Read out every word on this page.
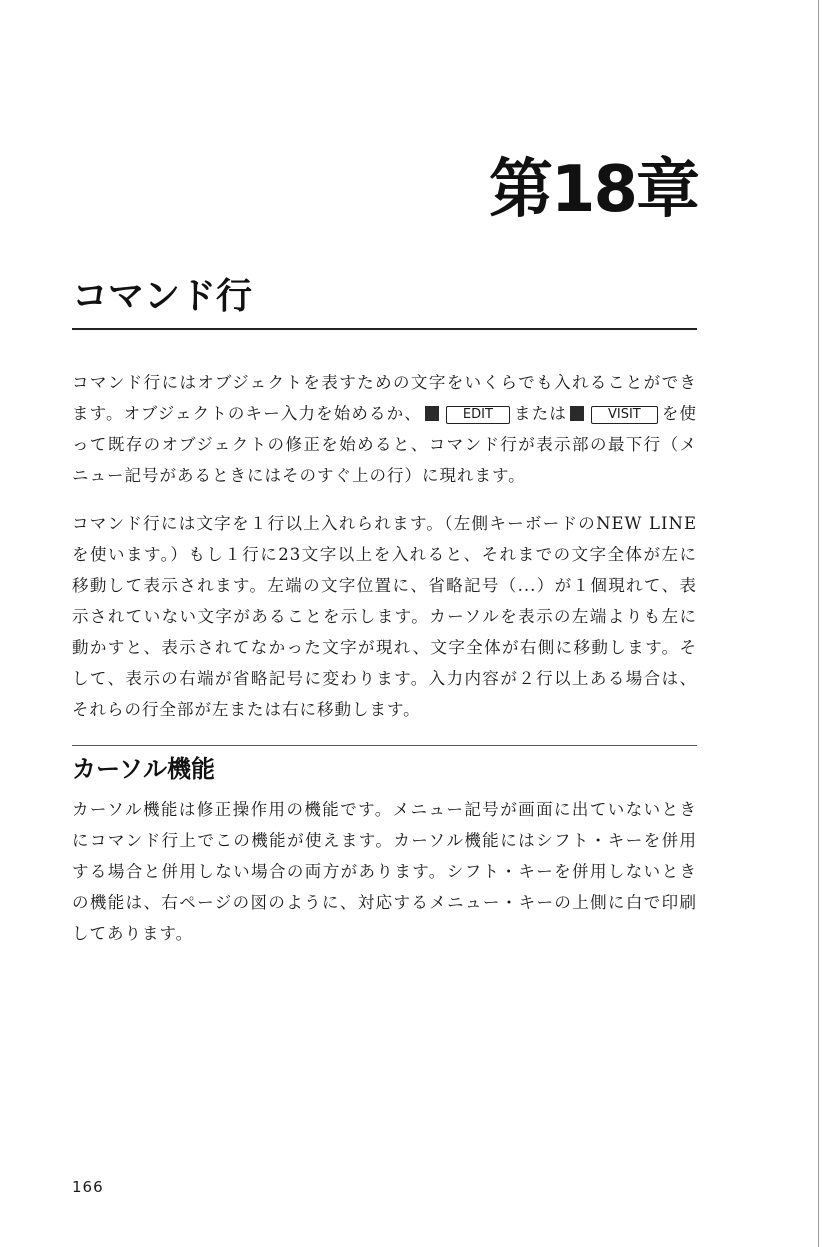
第18章
コマンド行

コマンド行にはオブジェクトを表すための文字をいくらでも入れることができます。オブジェクトのキー入力を始めるか、	EDIT または	VISIT を使って既存のオブジェクトの修正を始めると、コマンド行が表示部の最下行（メニュー記号があるときにはそのすぐ上の行）に現れます。

コマンド行には文字を１行以上入れられます。（左側キーボードのNEW LINEを使います。）もし１行に23文字以上を入れると、それまでの文字全体が左に移動して表示されます。左端の文字位置に、省略記号（...）が１個現れて、表示されていない文字があることを示します。カーソルを表示の左端よりも左に動かすと、表示されてなかった文字が現れ、文字全体が右側に移動します。そして、表示の右端が省略記号に変わります。入力内容が２行以上ある場合は、それらの行全部が左または右に移動します。

カーソル機能

カーソル機能は修正操作用の機能です。メニュー記号が画面に出ていないときにコマンド行上でこの機能が使えます。カーソル機能にはシフト・キーを併用する場合と併用しない場合の両方があります。シフト・キーを併用しないときの機能は、右ページの図のように、対応するメニュー・キーの上側に白で印刷してあります。

166
